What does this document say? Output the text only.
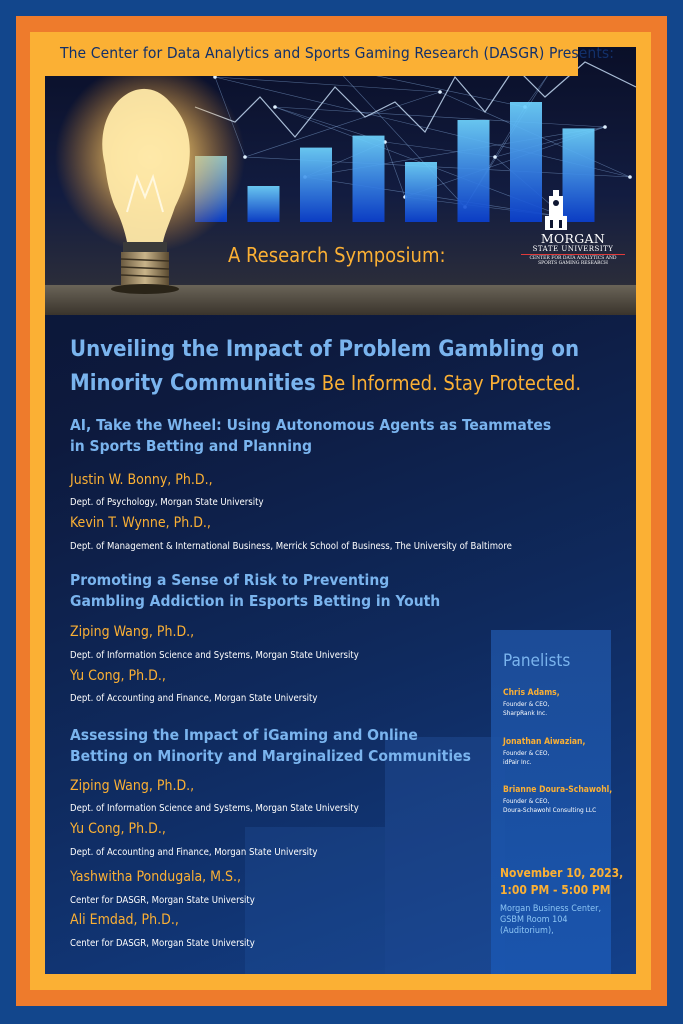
A Research Symposium:
MORGAN
STATE UNIVERSITY
CENTER FOR DATA ANALYTICS AND SPORTS GAMING RESEARCH
Unveiling the Impact of Problem Gambling on
Minority Communities Be Informed. Stay Protected.
AI, Take the Wheel: Using Autonomous Agents as Teammates
in Sports Betting and Planning
Justin W. Bonny, Ph.D.,
Dept. of Psychology, Morgan State University
Kevin T. Wynne, Ph.D.,
Dept. of Management & International Business, Merrick School of Business, The University of Baltimore
Promoting a Sense of Risk to Preventing
Gambling Addiction in Esports Betting in Youth
Ziping Wang, Ph.D.,
Dept. of Information Science and Systems, Morgan State University
Yu Cong, Ph.D.,
Dept. of Accounting and Finance, Morgan State University
Assessing the Impact of iGaming and Online
Betting on Minority and Marginalized Communities
Ziping Wang, Ph.D.,
Dept. of Information Science and Systems, Morgan State University
Yu Cong, Ph.D.,
Dept. of Accounting and Finance, Morgan State University
Yashwitha Pondugala, M.S.,
Center for DASGR, Morgan State University
Ali Emdad, Ph.D.,
Center for DASGR, Morgan State University
Panelists
Chris Adams,
Founder & CEO,
SharpRank Inc.
Jonathan Aiwazian,
Founder & CEO,
idPair Inc.
Brianne Doura-Schawohl,
Founder & CEO,
Doura-Schawohl Consulting LLC
November 10, 2023,
1:00 PM - 5:00 PM
Morgan Business Center,
GSBM Room 104
(Auditorium),
The Center for Data Analytics and Sports Gaming Research (DASGR) Presents:
